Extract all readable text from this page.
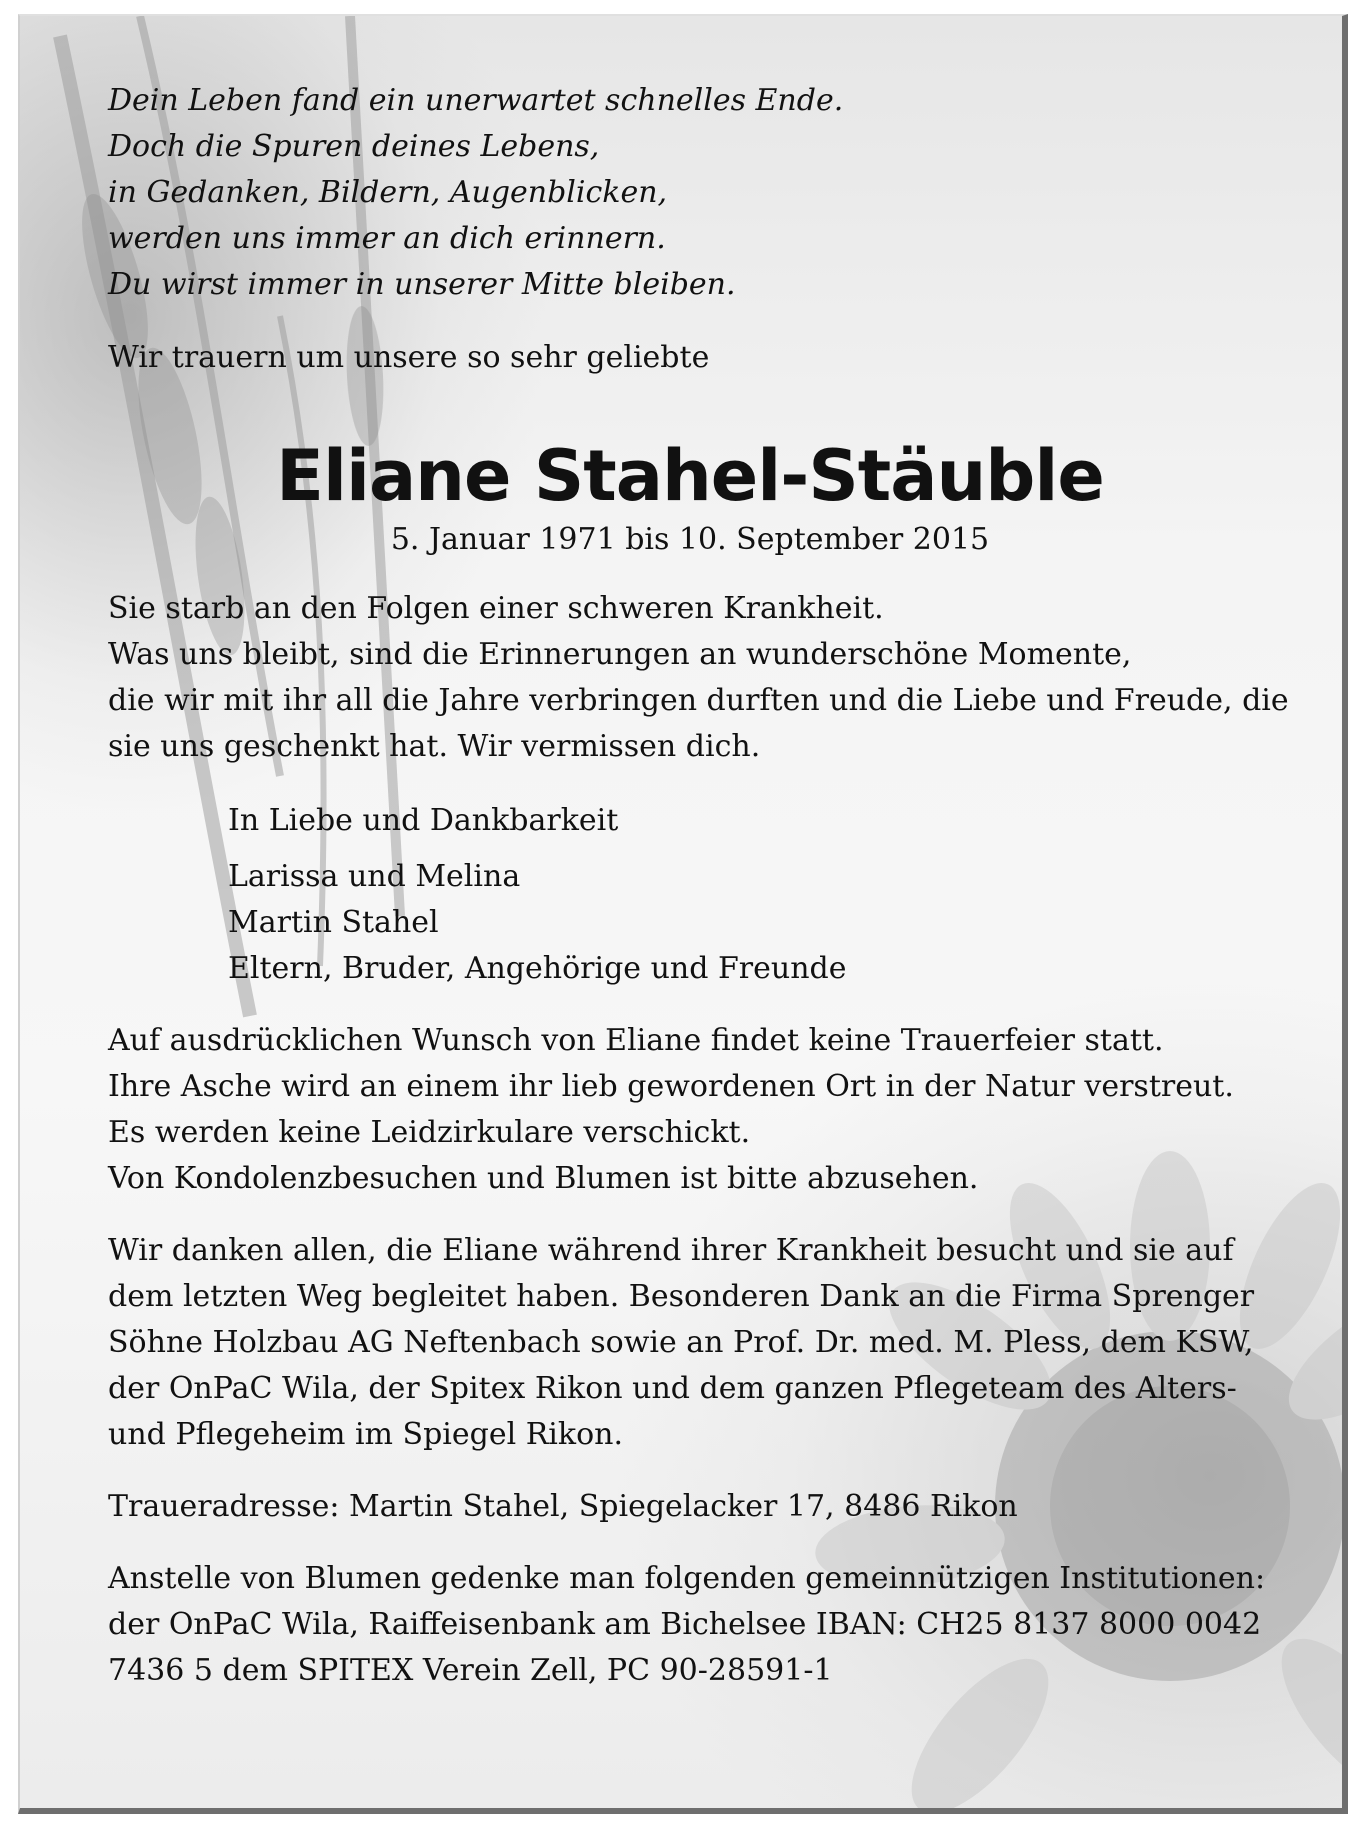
Dein Leben fand ein unerwartet schnelles Ende.
Doch die Spuren deines Lebens,
in Gedanken, Bildern, Augenblicken,
werden uns immer an dich erinnern.
Du wirst immer in unserer Mitte bleiben.
Wir trauern um unsere so sehr geliebte
Eliane Stahel-Stäuble
5. Januar 1971 bis 10. September 2015
Sie starb an den Folgen einer schweren Krankheit.
Was uns bleibt, sind die Erinnerungen an wunderschöne Momente,
die wir mit ihr all die Jahre verbringen durften und die Liebe und Freude, die
sie uns geschenkt hat. Wir vermissen dich.
In Liebe und Dankbarkeit
Larissa und Melina
Martin Stahel
Eltern, Bruder, Angehörige und Freunde
Auf ausdrücklichen Wunsch von Eliane findet keine Trauerfeier statt.
Ihre Asche wird an einem ihr lieb gewordenen Ort in der Natur verstreut.
Es werden keine Leidzirkulare verschickt.
Von Kondolenzbesuchen und Blumen ist bitte abzusehen.
Wir danken allen, die Eliane während ihrer Krankheit besucht und sie auf
dem letzten Weg begleitet haben. Besonderen Dank an die Firma Sprenger
Söhne Holzbau AG Neftenbach sowie an Prof. Dr. med. M. Pless, dem KSW,
der OnPaC Wila, der Spitex Rikon und dem ganzen Pflegeteam des Alters-
und Pflegeheim im Spiegel Rikon.
Traueradresse: Martin Stahel, Spiegelacker 17, 8486 Rikon
Anstelle von Blumen gedenke man folgenden gemeinnützigen Institutionen:
der OnPaC Wila, Raiffeisenbank am Bichelsee IBAN: CH25 8137 8000 0042
7436 5 dem SPITEX Verein Zell, PC 90-28591-1
